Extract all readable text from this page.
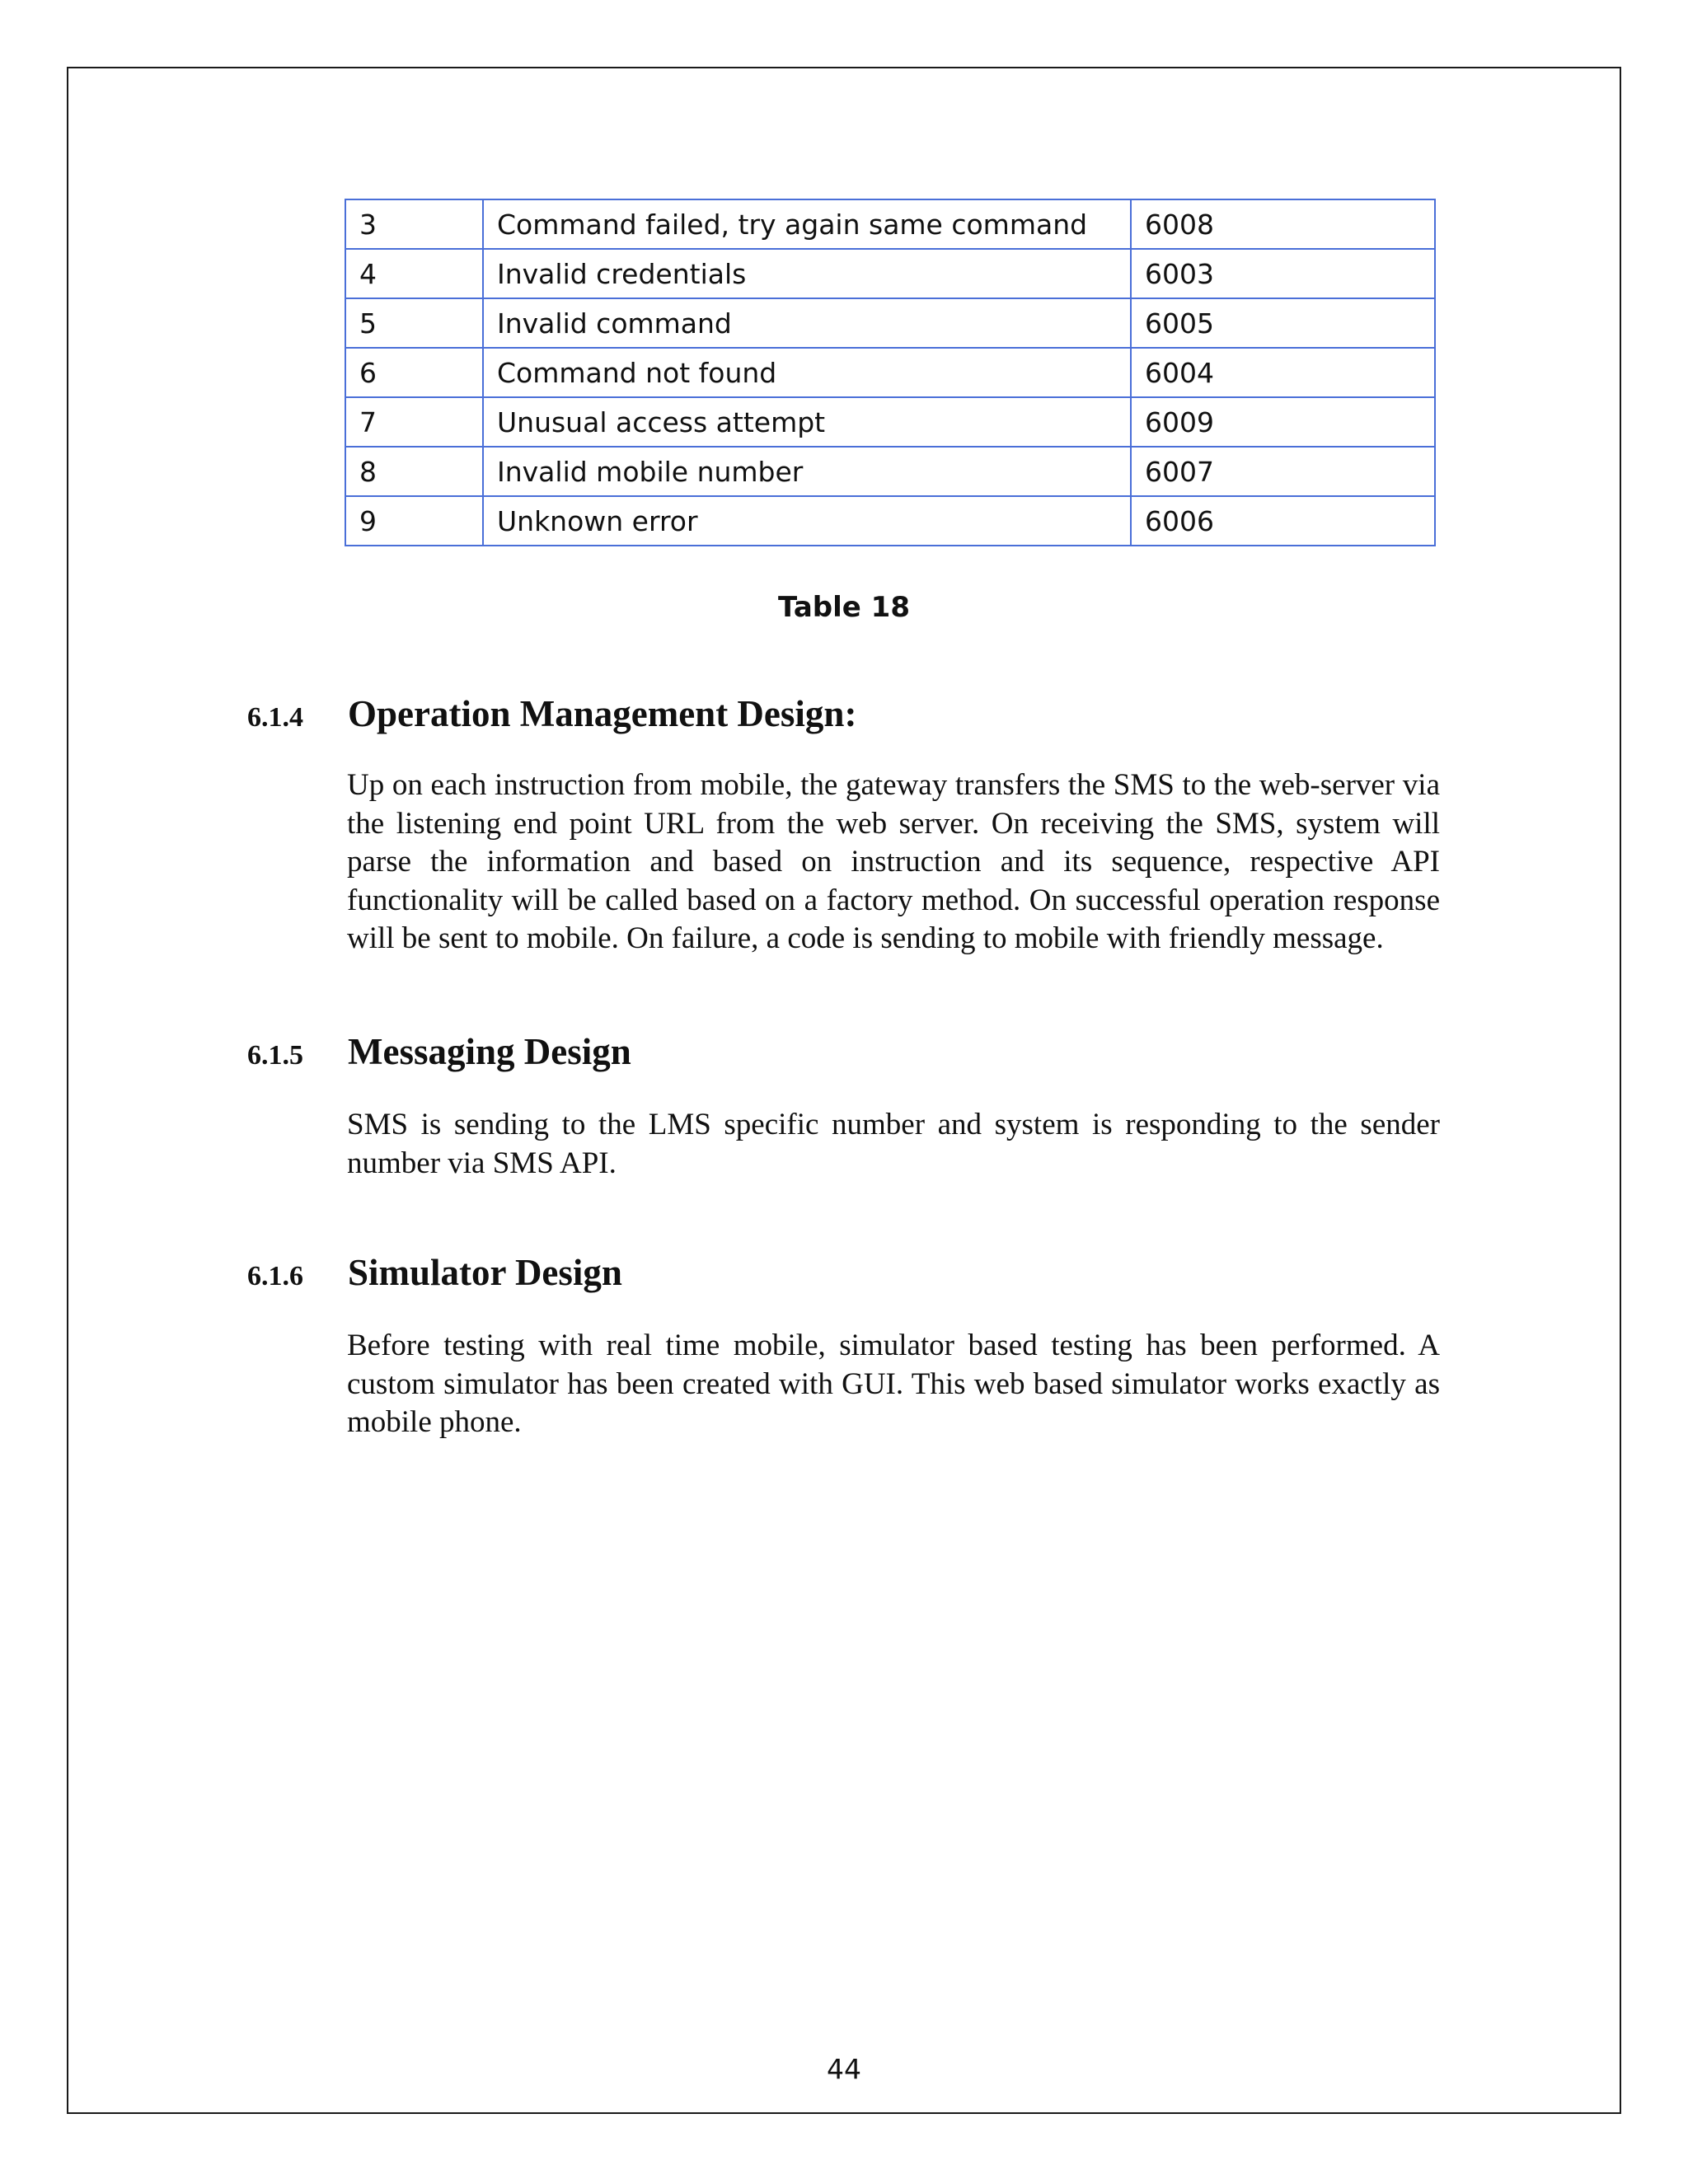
3	Command failed, try again same command	6008
4	Invalid credentials	6003
5	Invalid command	6005
6	Command not found	6004
7	Unusual access attempt	6009
8	Invalid mobile number	6007
9	Unknown error	6006
Table 18
6.1.4 Operation Management Design:

Up on each instruction from mobile, the gateway transfers the SMS to the web-server via the listening end point URL from the web server. On receiving the SMS, system will parse the information and based on instruction and its sequence, respective API functionality will be called based on a factory method. On successful operation response will be sent to mobile. On failure, a code is sending to mobile with friendly message.

6.1.5 Messaging Design

SMS is sending to the LMS specific number and system is responding to the sender number via SMS API.

6.1.6 Simulator Design

Before testing with real time mobile, simulator based testing has been performed. A custom simulator has been created with GUI. This web based simulator works exactly as mobile phone.

44
